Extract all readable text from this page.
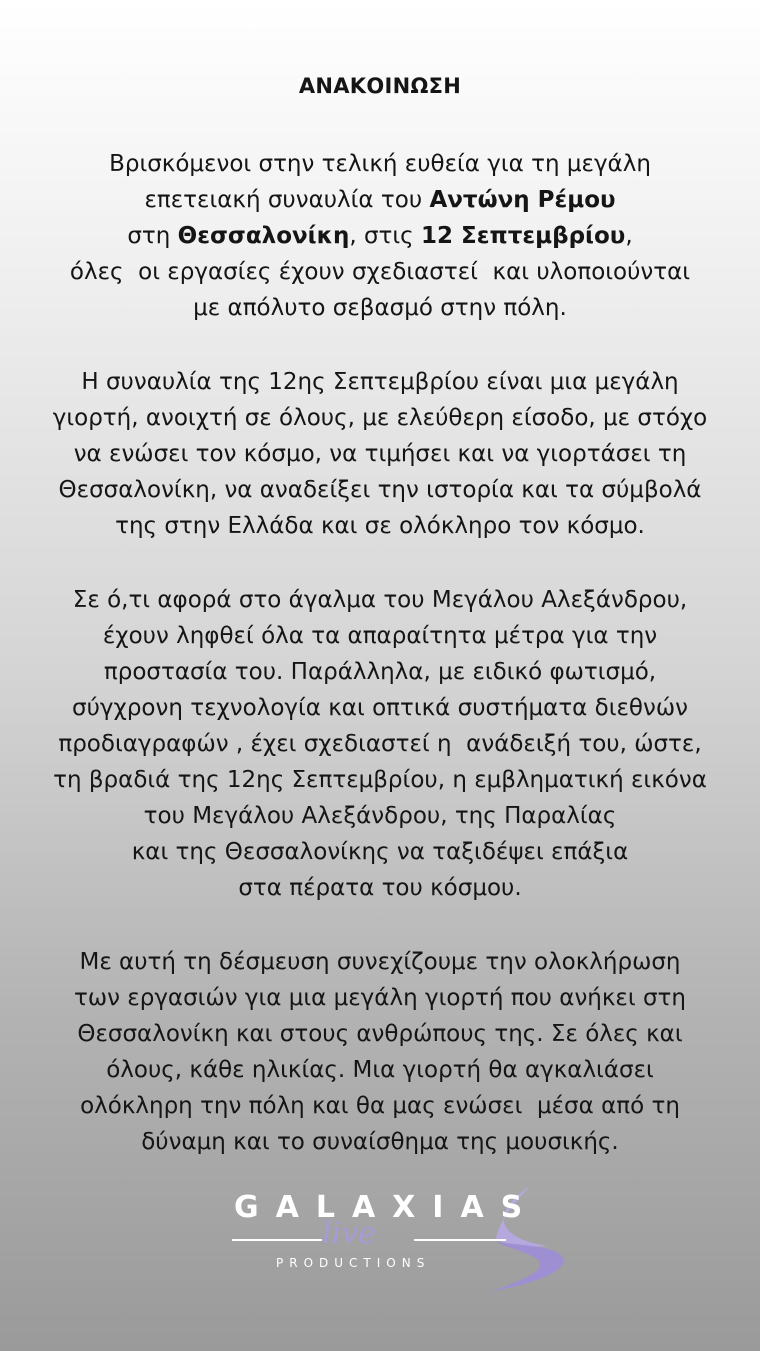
ΑΝΑΚΟΙΝΩΣΗ
Βρισκόμενοι στην τελική ευθεία για τη μεγάλη
επετειακή συναυλία του Αντώνη Ρέμου
στη Θεσσαλονίκη, στις 12 Σεπτεμβρίου,
όλες  οι εργασίες έχουν σχεδιαστεί  και υλοποιούνται
με απόλυτο σεβασμό στην πόλη.
Η συναυλία της 12ης Σεπτεμβρίου είναι μια μεγάλη
γιορτή, ανοιχτή σε όλους, με ελεύθερη είσοδο, με στόχο
να ενώσει τον κόσμο, να τιμήσει και να γιορτάσει τη
Θεσσαλονίκη, να αναδείξει την ιστορία και τα σύμβολά
της στην Ελλάδα και σε ολόκληρο τον κόσμο.
Σε ό,τι αφορά στο άγαλμα του Μεγάλου Αλεξάνδρου,
έχουν ληφθεί όλα τα απαραίτητα μέτρα για την
προστασία του. Παράλληλα, με ειδικό φωτισμό,
σύγχρονη τεχνολογία και οπτικά συστήματα διεθνών
προδιαγραφών , έχει σχεδιαστεί η  ανάδειξή του, ώστε,
τη βραδιά της 12ης Σεπτεμβρίου, η εμβληματική εικόνα
του Μεγάλου Αλεξάνδρου, της Παραλίας
και της Θεσσαλονίκης να ταξιδέψει επάξια
στα πέρατα του κόσμου.
Με αυτή τη δέσμευση συνεχίζουμε την ολοκλήρωση
των εργασιών για μια μεγάλη γιορτή που ανήκει στη
Θεσσαλονίκη και στους ανθρώπους της. Σε όλες και
όλους, κάθε ηλικίας. Μια γιορτή θα αγκαλιάσει
ολόκληρη την πόλη και θα μας ενώσει  μέσα από τη
δύναμη και το συναίσθημα της μουσικής.
GALAXIAS
live
PRODUCTIONS
